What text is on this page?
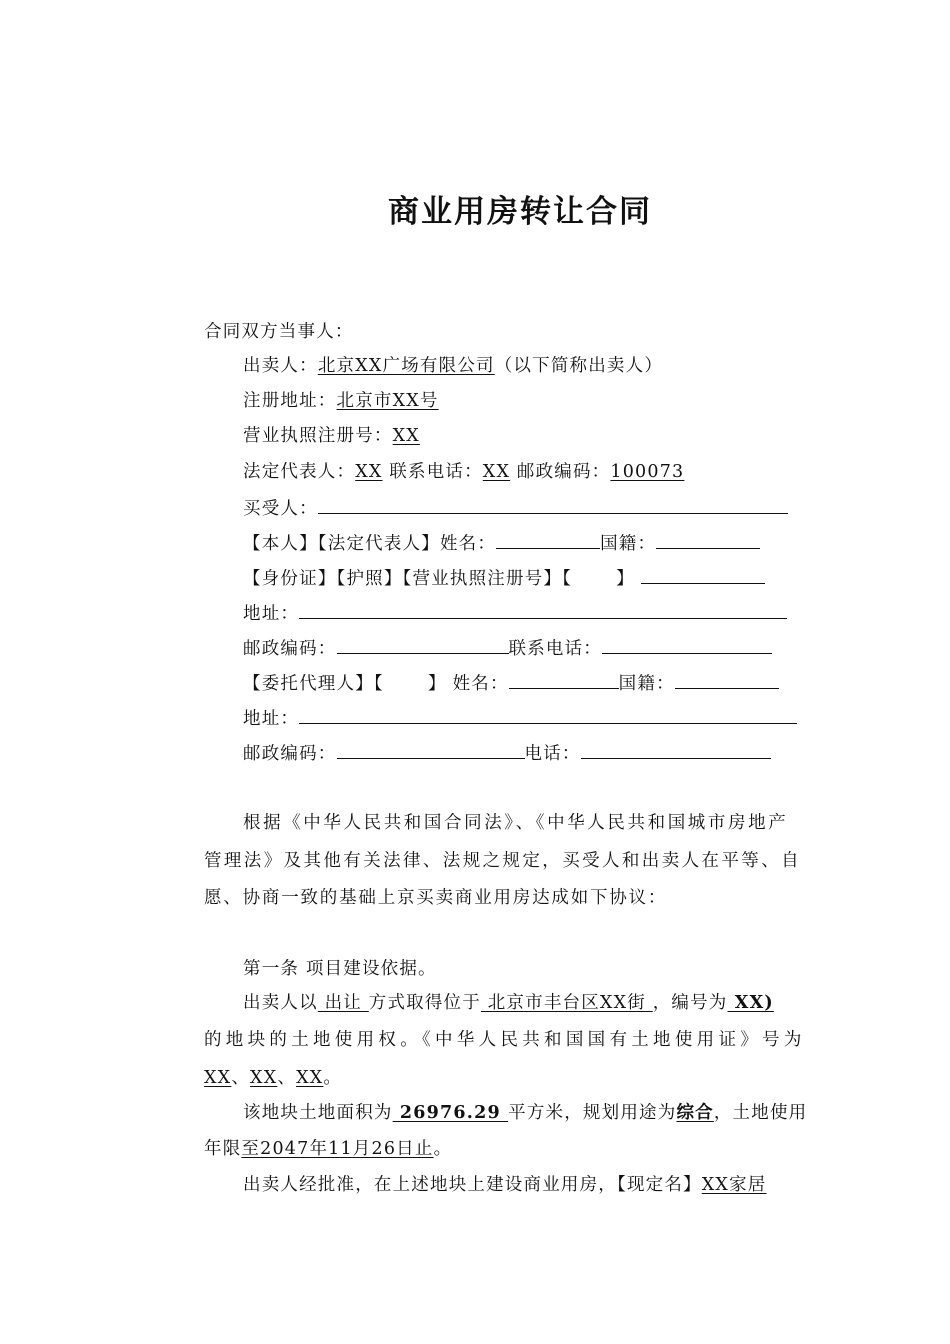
商业用房转让合同
合同双方当事人：
出卖人：北京XX广场有限公司（以下简称出卖人）
注册地址：北京市XX号
营业执照注册号：XX
法定代表人：XX 联系电话：XX 邮政编码：100073
买受人：
【本人】【法定代表人】姓名：	国籍：
【身份证】【护照】【营业执照注册号】【	】
地址：
邮政编码：	联系电话：
【委托代理人】【	】 姓名：	国籍：
地址：
邮政编码：	电话：
根据《中华人民共和国合同法》、《中华人民共和国城市房地产
管理法》及其他有关法律、法规之规定，买受人和出卖人在平等、自
愿、协商一致的基础上京买卖商业用房达成如下协议：
第一条 项目建设依据。
出卖人以 出让 方式取得位于 北京市丰台区XX街 ，编号为 XX)
的地块的土地使用权。《中华人民共和国国有土地使用证》号为
XX、XX、XX。
该地块土地面积为 26976.29 平方米，规划用途为综合，土地使用
年限至2047年11月26日止。
出卖人经批准，在上述地块上建设商业用房，【现定名】XX家居
